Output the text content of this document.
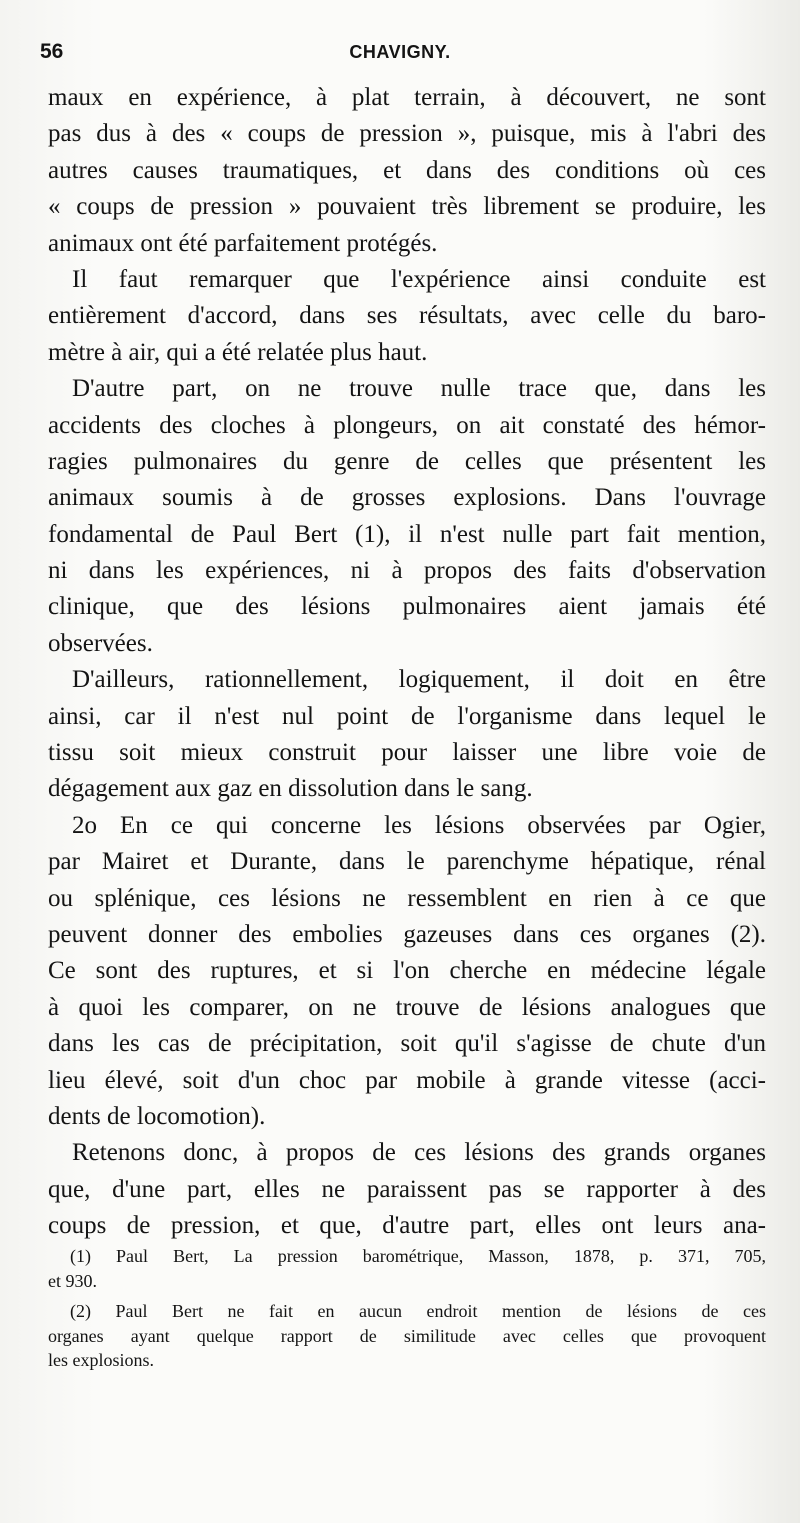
56	CHAVIGNY.
maux en expérience, à plat terrain, à découvert, ne sont
pas dus à des « coups de pression », puisque, mis à l'abri des
autres causes traumatiques, et dans des conditions où ces
« coups de pression » pouvaient très librement se produire, les
animaux ont été parfaitement protégés.
Il faut remarquer que l'expérience ainsi conduite est
entièrement d'accord, dans ses résultats, avec celle du baro-
mètre à air, qui a été relatée plus haut.
D'autre part, on ne trouve nulle trace que, dans les
accidents des cloches à plongeurs, on ait constaté des hémor-
ragies pulmonaires du genre de celles que présentent les
animaux soumis à de grosses explosions. Dans l'ouvrage
fondamental de Paul Bert (1), il n'est nulle part fait mention,
ni dans les expériences, ni à propos des faits d'observation
clinique, que des lésions pulmonaires aient jamais été
observées.
D'ailleurs, rationnellement, logiquement, il doit en être
ainsi, car il n'est nul point de l'organisme dans lequel le
tissu soit mieux construit pour laisser une libre voie de
dégagement aux gaz en dissolution dans le sang.
2o En ce qui concerne les lésions observées par Ogier,
par Mairet et Durante, dans le parenchyme hépatique, rénal
ou splénique, ces lésions ne ressemblent en rien à ce que
peuvent donner des embolies gazeuses dans ces organes (2).
Ce sont des ruptures, et si l'on cherche en médecine légale
à quoi les comparer, on ne trouve de lésions analogues que
dans les cas de précipitation, soit qu'il s'agisse de chute d'un
lieu élevé, soit d'un choc par mobile à grande vitesse (acci-
dents de locomotion).
Retenons donc, à propos de ces lésions des grands organes
que, d'une part, elles ne paraissent pas se rapporter à des
coups de pression, et que, d'autre part, elles ont leurs ana-
(1) Paul Bert, La pression barométrique, Masson, 1878, p. 371, 705,
et 930.
(2) Paul Bert ne fait en aucun endroit mention de lésions de ces
organes ayant quelque rapport de similitude avec celles que provoquent
les explosions.
